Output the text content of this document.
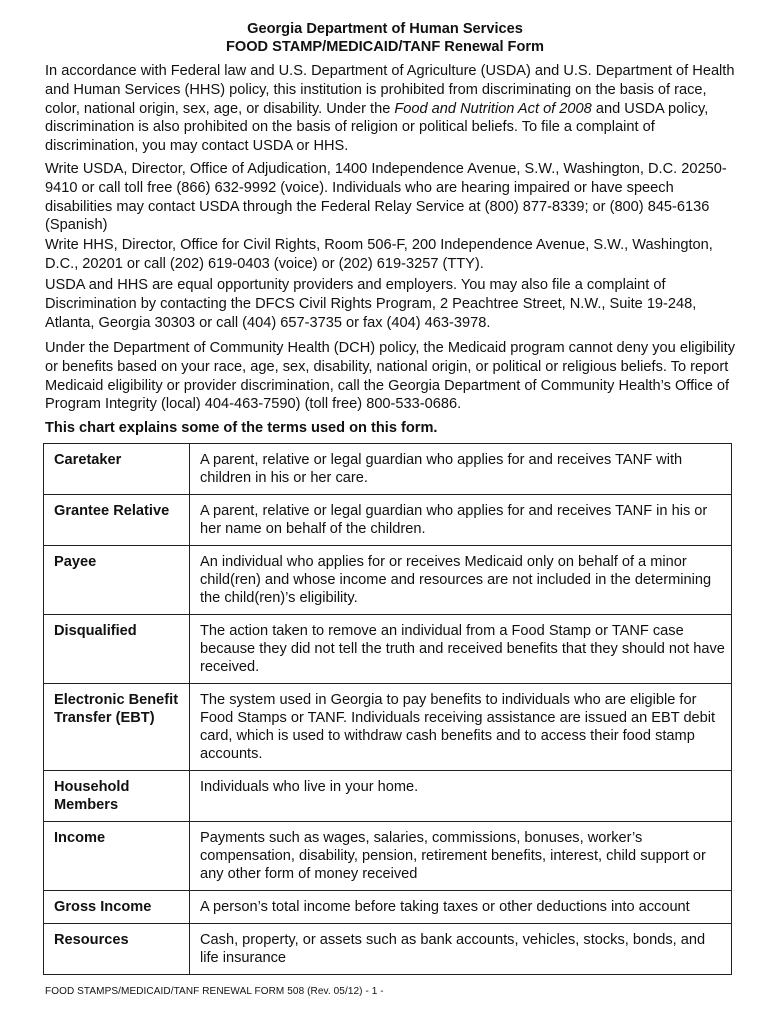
Georgia Department of Human Services
FOOD STAMP/MEDICAID/TANF Renewal Form

In accordance with Federal law and U.S. Department of Agriculture (USDA) and U.S. Department of Health and Human Services (HHS) policy, this institution is prohibited from discriminating on the basis of race, color, national origin, sex, age, or disability. Under the Food and Nutrition Act of 2008 and USDA policy, discrimination is also prohibited on the basis of religion or political beliefs. To file a complaint of discrimination, you may contact USDA or HHS.

Write USDA, Director, Office of Adjudication, 1400 Independence Avenue, S.W., Washington, D.C. 20250-9410 or call toll free (866) 632-9992 (voice). Individuals who are hearing impaired or have speech disabilities may contact USDA through the Federal Relay Service at (800) 877-8339; or (800) 845-6136 (Spanish)

Write HHS, Director, Office for Civil Rights, Room 506-F, 200 Independence Avenue, S.W., Washington, D.C., 20201 or call (202) 619-0403 (voice) or (202) 619-3257 (TTY).

USDA and HHS are equal opportunity providers and employers. You may also file a complaint of Discrimination by contacting the DFCS Civil Rights Program, 2 Peachtree Street, N.W., Suite 19-248, Atlanta, Georgia 30303 or call (404) 657-3735 or fax (404) 463-3978.

Under the Department of Community Health (DCH) policy, the Medicaid program cannot deny you eligibility or benefits based on your race, age, sex, disability, national origin, or political or religious beliefs. To report Medicaid eligibility or provider discrimination, call the Georgia Department of Community Health’s Office of Program Integrity (local) 404-463-7590) (toll free) 800-533-0686.

This chart explains some of the terms used on this form.
Caretaker	A parent, relative or legal guardian who applies for and receives TANF with children in his or her care.
Grantee Relative	A parent, relative or legal guardian who applies for and receives TANF in his or her name on behalf of the children.
Payee	An individual who applies for or receives Medicaid only on behalf of a minor child(ren) and whose income and resources are not included in the determining the child(ren)’s eligibility.
Disqualified	The action taken to remove an individual from a Food Stamp or TANF case because they did not tell the truth and received benefits that they should not have received.
Electronic Benefit Transfer (EBT)	The system used in Georgia to pay benefits to individuals who are eligible for Food Stamps or TANF. Individuals receiving assistance are issued an EBT debit card, which is used to withdraw cash benefits and to access their food stamp accounts.
Household Members	Individuals who live in your home.
Income	Payments such as wages, salaries, commissions, bonuses, worker’s compensation, disability, pension, retirement benefits, interest, child support or any other form of money received
Gross Income	A person’s total income before taking taxes or other deductions into account
Resources	Cash, property, or assets such as bank accounts, vehicles, stocks, bonds, and life insurance
FOOD STAMPS/MEDICAID/TANF RENEWAL FORM 508 (Rev. 05/12) - 1 -
